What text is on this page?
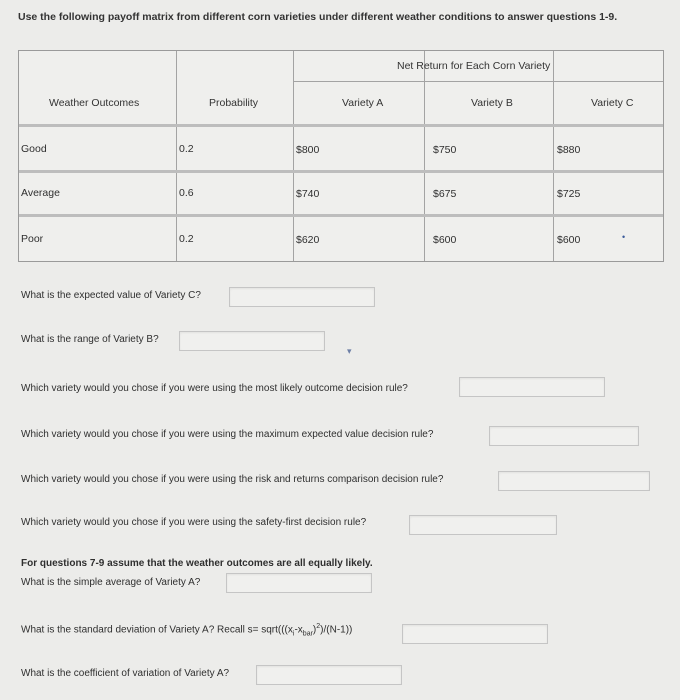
Use the following payoff matrix from different corn varieties under different weather conditions to answer questions 1-9.
Net Return for Each Corn Variety
Weather Outcomes	Probability	Variety A	Variety B	Variety C
Good	0.2	$800	$750	$880
Average	0.6	$740	$675	$725
Poor	0.2	$620	$600	$600
What is the expected value of Variety C?
What is the range of Variety B?
Which variety would you chose if you were using the most likely outcome decision rule?
Which variety would you chose if you were using the maximum expected value decision rule?
Which variety would you chose if you were using the risk and returns comparison decision rule?
Which variety would you chose if you were using the safety-first decision rule?
For questions 7-9 assume that the weather outcomes are all equally likely.
What is the simple average of Variety A?
What is the standard deviation of Variety A? Recall $s= sqrt(((x_i-x_{bar})^2)/(N-1))$
What is the coefficient of variation of Variety A?
•
▾
